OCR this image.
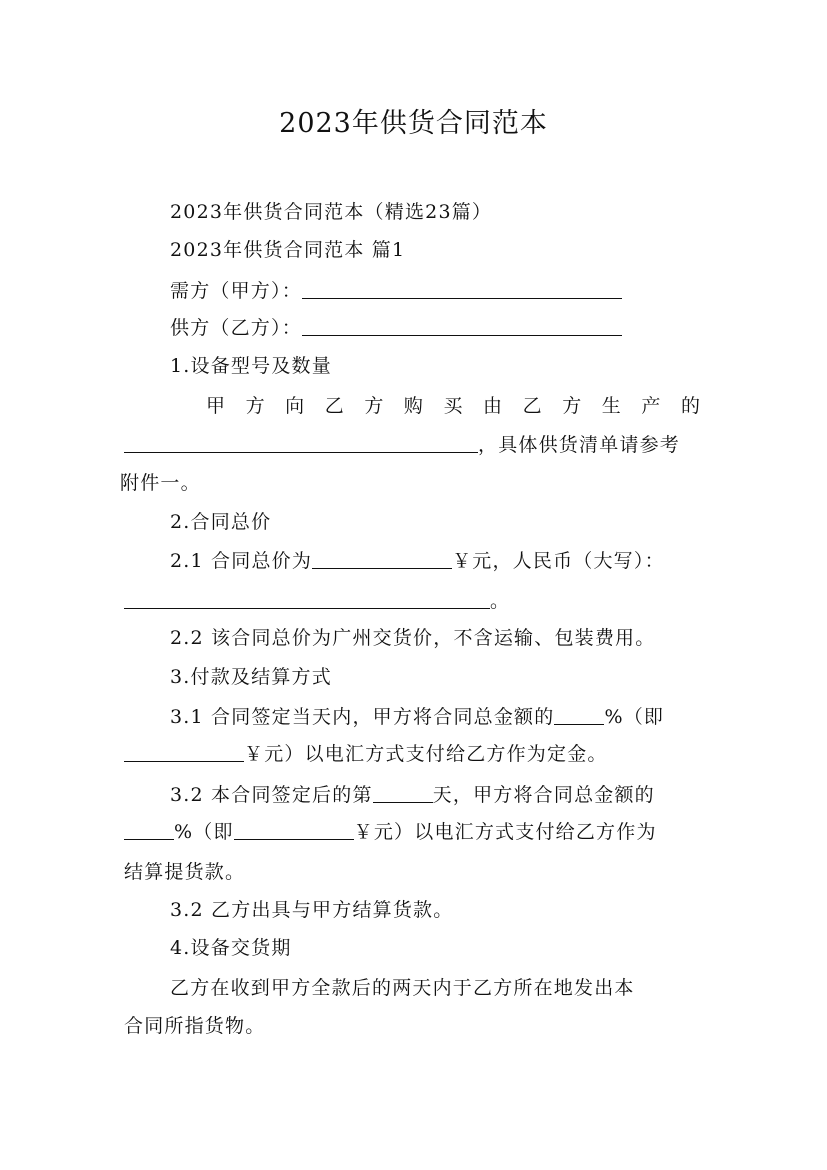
2023年供货合同范本
2023年供货合同范本（精选23篇）
2023年供货合同范本 篇1
需方（甲方）：
供方（乙方）：
1.设备型号及数量
甲 方 向 乙 方 购 买 由 乙 方 生 产 的
，具体供货清单请参考
附件一。
2.合同总价
2.1 合同总价为	￥元，人民币（大写）：
。
2.2 该合同总价为广州交货价，不含运输、包装费用。
3.付款及结算方式
3.1 合同签定当天内，甲方将合同总金额的	%（即
￥元）以电汇方式支付给乙方作为定金。
3.2 本合同签定后的第	天，甲方将合同总金额的
%（即	￥元）以电汇方式支付给乙方作为
结算提货款。
3.2 乙方出具与甲方结算货款。
4.设备交货期
乙方在收到甲方全款后的两天内于乙方所在地发出本
合同所指货物。
